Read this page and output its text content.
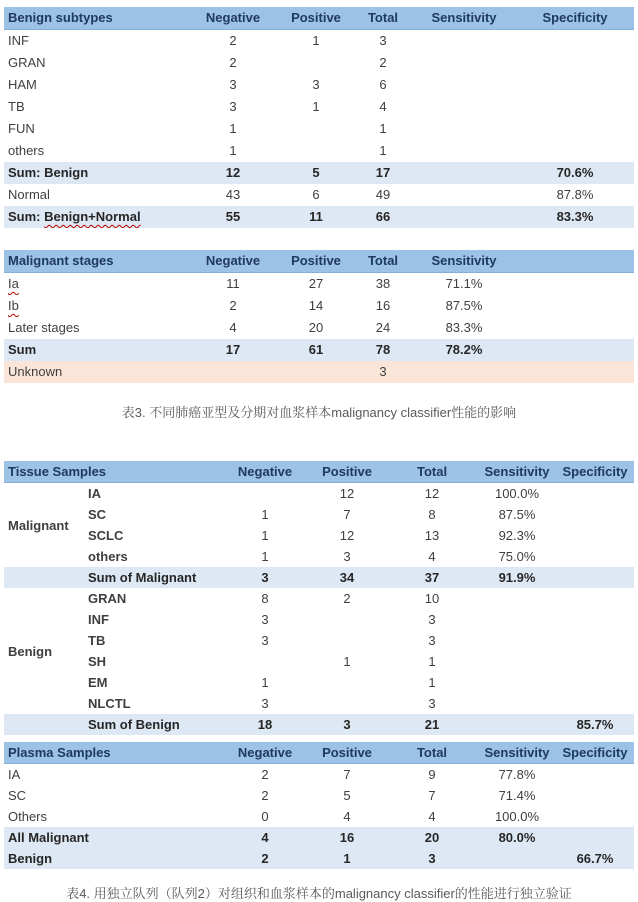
Benign subtypes	Negative	Positive	Total	Sensitivity	Specificity
INF	2	1	3		
GRAN	2		2		
HAM	3	3	6		
TB	3	1	4		
FUN	1		1		
others	1		1		
Sum: Benign	12	5	17		70.6%
Normal	43	6	49		87.8%
Sum: Benign+Normal	55	11	66		83.3%
Malignant stages	Negative	Positive	Total	Sensitivity	
Ia	11	27	38	71.1%	
Ib	2	14	16	87.5%	
Later stages	4	20	24	83.3%	
Sum	17	61	78	78.2%	
Unknown			3		
表3. 不同肺癌亚型及分期对血浆样本malignancy classifier性能的影响
Tissue Samples		Negative	Positive	Total	Sensitivity	Specificity
Malignant	IA		12	12	100.0%	
	SC	1	7	8	87.5%	
	SCLC	1	12	13	92.3%	
	others	1	3	4	75.0%	
	Sum of Malignant	3	34	37	91.9%	
Benign	GRAN	8	2	10		
	INF	3		3		
	TB	3		3		
	SH		1	1		
	EM	1		1		
	NLCTL	3		3		
	Sum of Benign	18	3	21		85.7%
Plasma Samples	Negative	Positive	Total	Sensitivity	Specificity
IA	2	7	9	77.8%	
SC	2	5	7	71.4%	
Others	0	4	4	100.0%	
All Malignant	4	16	20	80.0%	
Benign	2	1	3		66.7%
表4. 用独立队列（队列2）对组织和血浆样本的malignancy classifier的性能进行独立验证
